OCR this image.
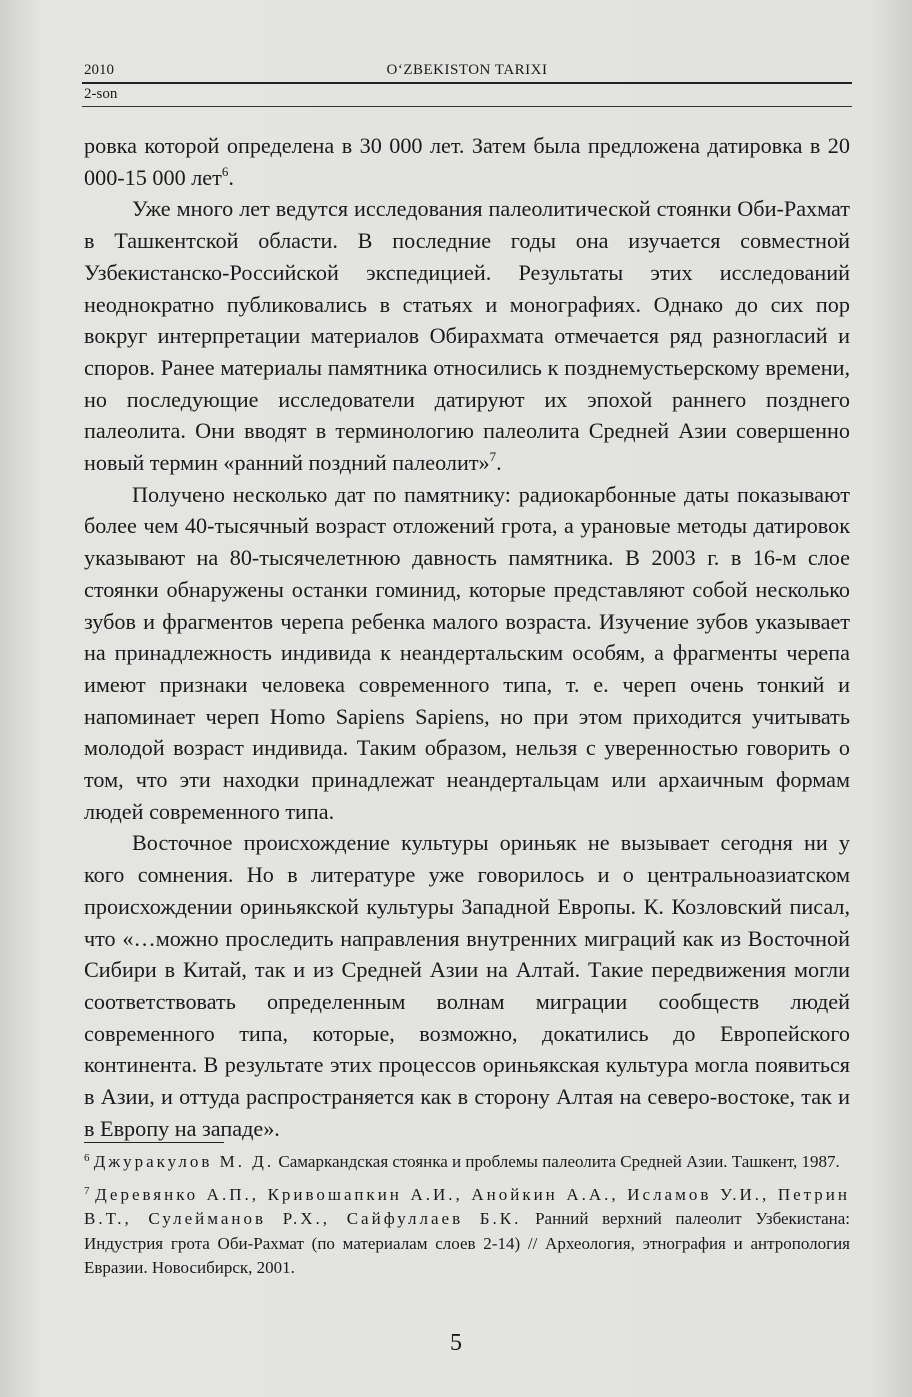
2010	O‘ZBEKISTON TARIXI
2-son

ровка которой определена в 30 000 лет. Затем была предложена датировка в 20 000-15 000 лет$^6$.

Уже много лет ведутся исследования палеолитической стоянки Оби-Рахмат в Ташкентской области. В последние годы она изучается совместной Узбекистанско-Российской экспедицией. Результаты этих исследований неоднократно публиковались в статьях и монографиях. Однако до сих пор вокруг интерпретации материалов Обирахмата отмечается ряд разногласий и споров. Ранее материалы памятника относились к позднемустьерскому времени, но последующие исследователи датируют их эпохой раннего позднего палеолита. Они вводят в терминологию палеолита Средней Азии совершенно новый термин «ранний поздний палеолит»$^7$.

Получено несколько дат по памятнику: радиокарбонные даты показывают более чем 40-тысячный возраст отложений грота, а урановые методы датировок указывают на 80-тысячелетнюю давность памятника. В 2003 г. в 16-м слое стоянки обнаружены останки гоминид, которые представляют собой несколько зубов и фрагментов черепа ребенка малого возраста. Изучение зубов указывает на принадлежность индивида к неандертальским особям, а фрагменты черепа имеют признаки человека современного типа, т. е. череп очень тонкий и напоминает череп Homo Sapiens Sapiens, но при этом приходится учитывать молодой возраст индивида. Таким образом, нельзя с уверенностью говорить о том, что эти находки принадлежат неандертальцам или архаичным формам людей современного типа.

Восточное происхождение культуры ориньяк не вызывает сегодня ни у кого сомнения. Но в литературе уже говорилось и о центральноазиатском происхождении ориньякской культуры Западной Европы. К. Козловский писал, что «…можно проследить направления внутренних миграций как из Восточной Сибири в Китай, так и из Средней Азии на Алтай. Такие передвижения могли соответствовать определенным волнам миграции сообществ людей современного типа, которые, возможно, докатились до Европейского континента. В результате этих процессов ориньякская культура могла появиться в Азии, и оттуда распространяется как в сторону Алтая на северо-востоке, так и в Европу на западе».

$^6$ Джуракулов М. Д. Самаркандская стоянка и проблемы палеолита Средней Азии. Ташкент, 1987.

$^7$ Деревянко А.П., Кривошапкин А.И., Анойкин А.А., Исламов У.И., Петрин В.Т., Сулейманов Р.Х., Сайфуллаев Б.К. Ранний верхний палеолит Узбекистана: Индустрия грота Оби-Рахмат (по материалам слоев 2-14) // Археология, этнография и антропология Евразии. Новосибирск, 2001.

5
